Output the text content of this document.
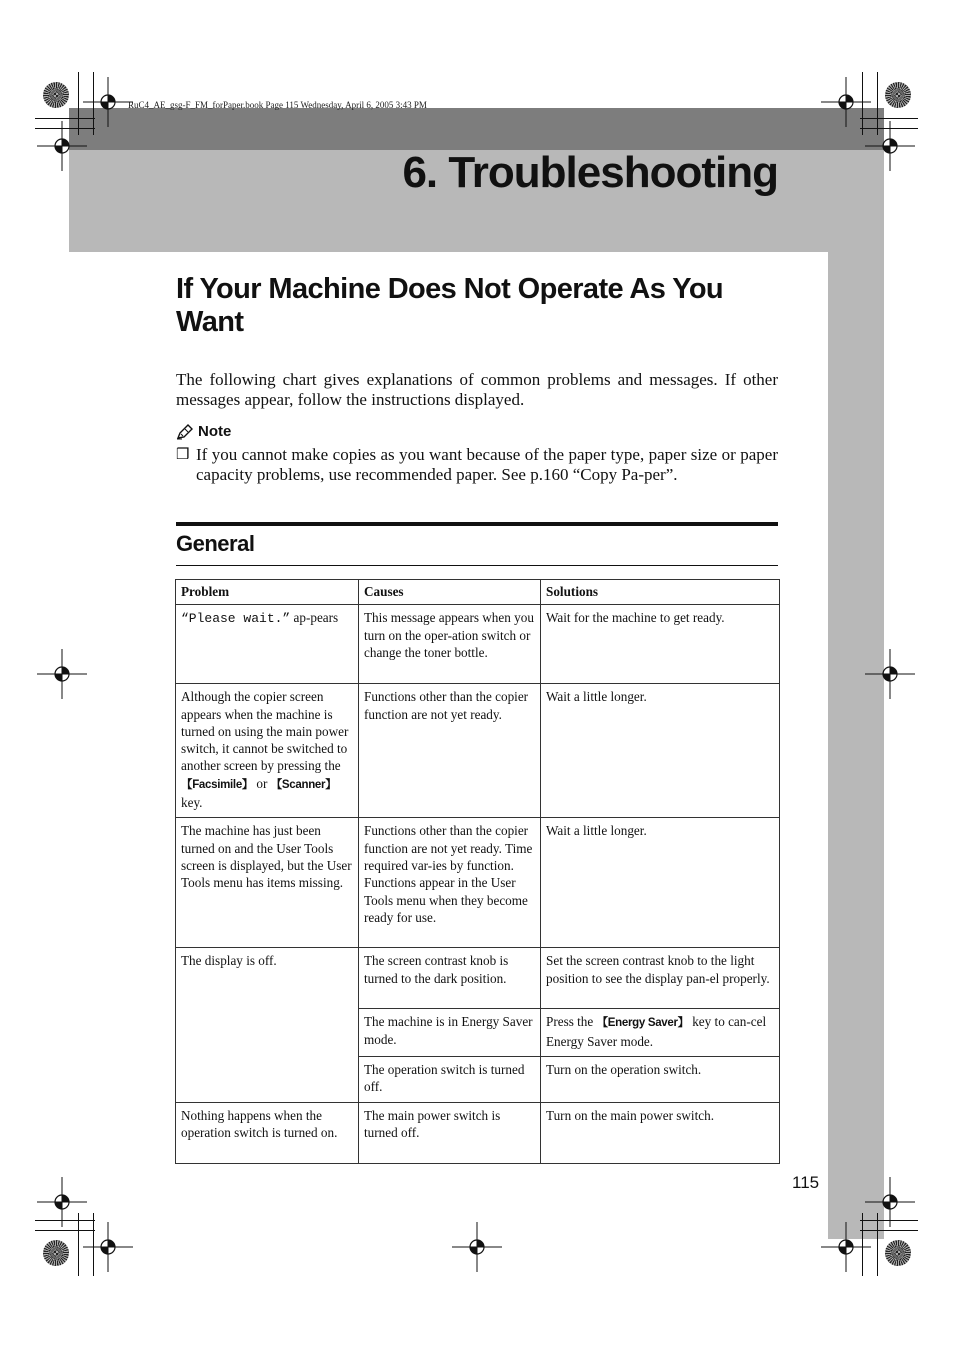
RuC4_AE_gsg-F_FM_forPaper.book Page 115 Wednesday, April 6, 2005 3:43 PM
6. Troubleshooting
If Your Machine Does Not Operate As You Want
The following chart gives explanations of common problems and messages. If other messages appear, follow the instructions displayed.
Note
❒ If you cannot make copies as you want because of the paper type, paper size or paper capacity problems, use recommended paper. See p.160 “Copy Pa-per”.
General
Problem	Causes	Solutions
“Please wait.” ap-pears	This message appears when you turn on the oper-ation switch or change the toner bottle.	Wait for the machine to get ready.
Although the copier screen appears when the machine is turned on using the main power switch, it cannot be switched to another screen by pressing the 【Facsimile】 or 【Scanner】 key.	Functions other than the copier function are not yet ready.	Wait a little longer.
The machine has just been turned on and the User Tools screen is displayed, but the User Tools menu has items missing.	Functions other than the copier function are not yet ready. Time required var-ies by function. Functions appear in the User Tools menu when they become ready for use.	Wait a little longer.
The display is off.	The screen contrast knob is turned to the dark position.	Set the screen contrast knob to the light position to see the display pan-el properly.
	The machine is in Energy Saver mode.	Press the 【Energy Saver】 key to can-cel Energy Saver mode.
	The operation switch is turned off.	Turn on the operation switch.
Nothing happens when the operation switch is turned on.	The main power switch is turned off.	Turn on the main power switch.
115
